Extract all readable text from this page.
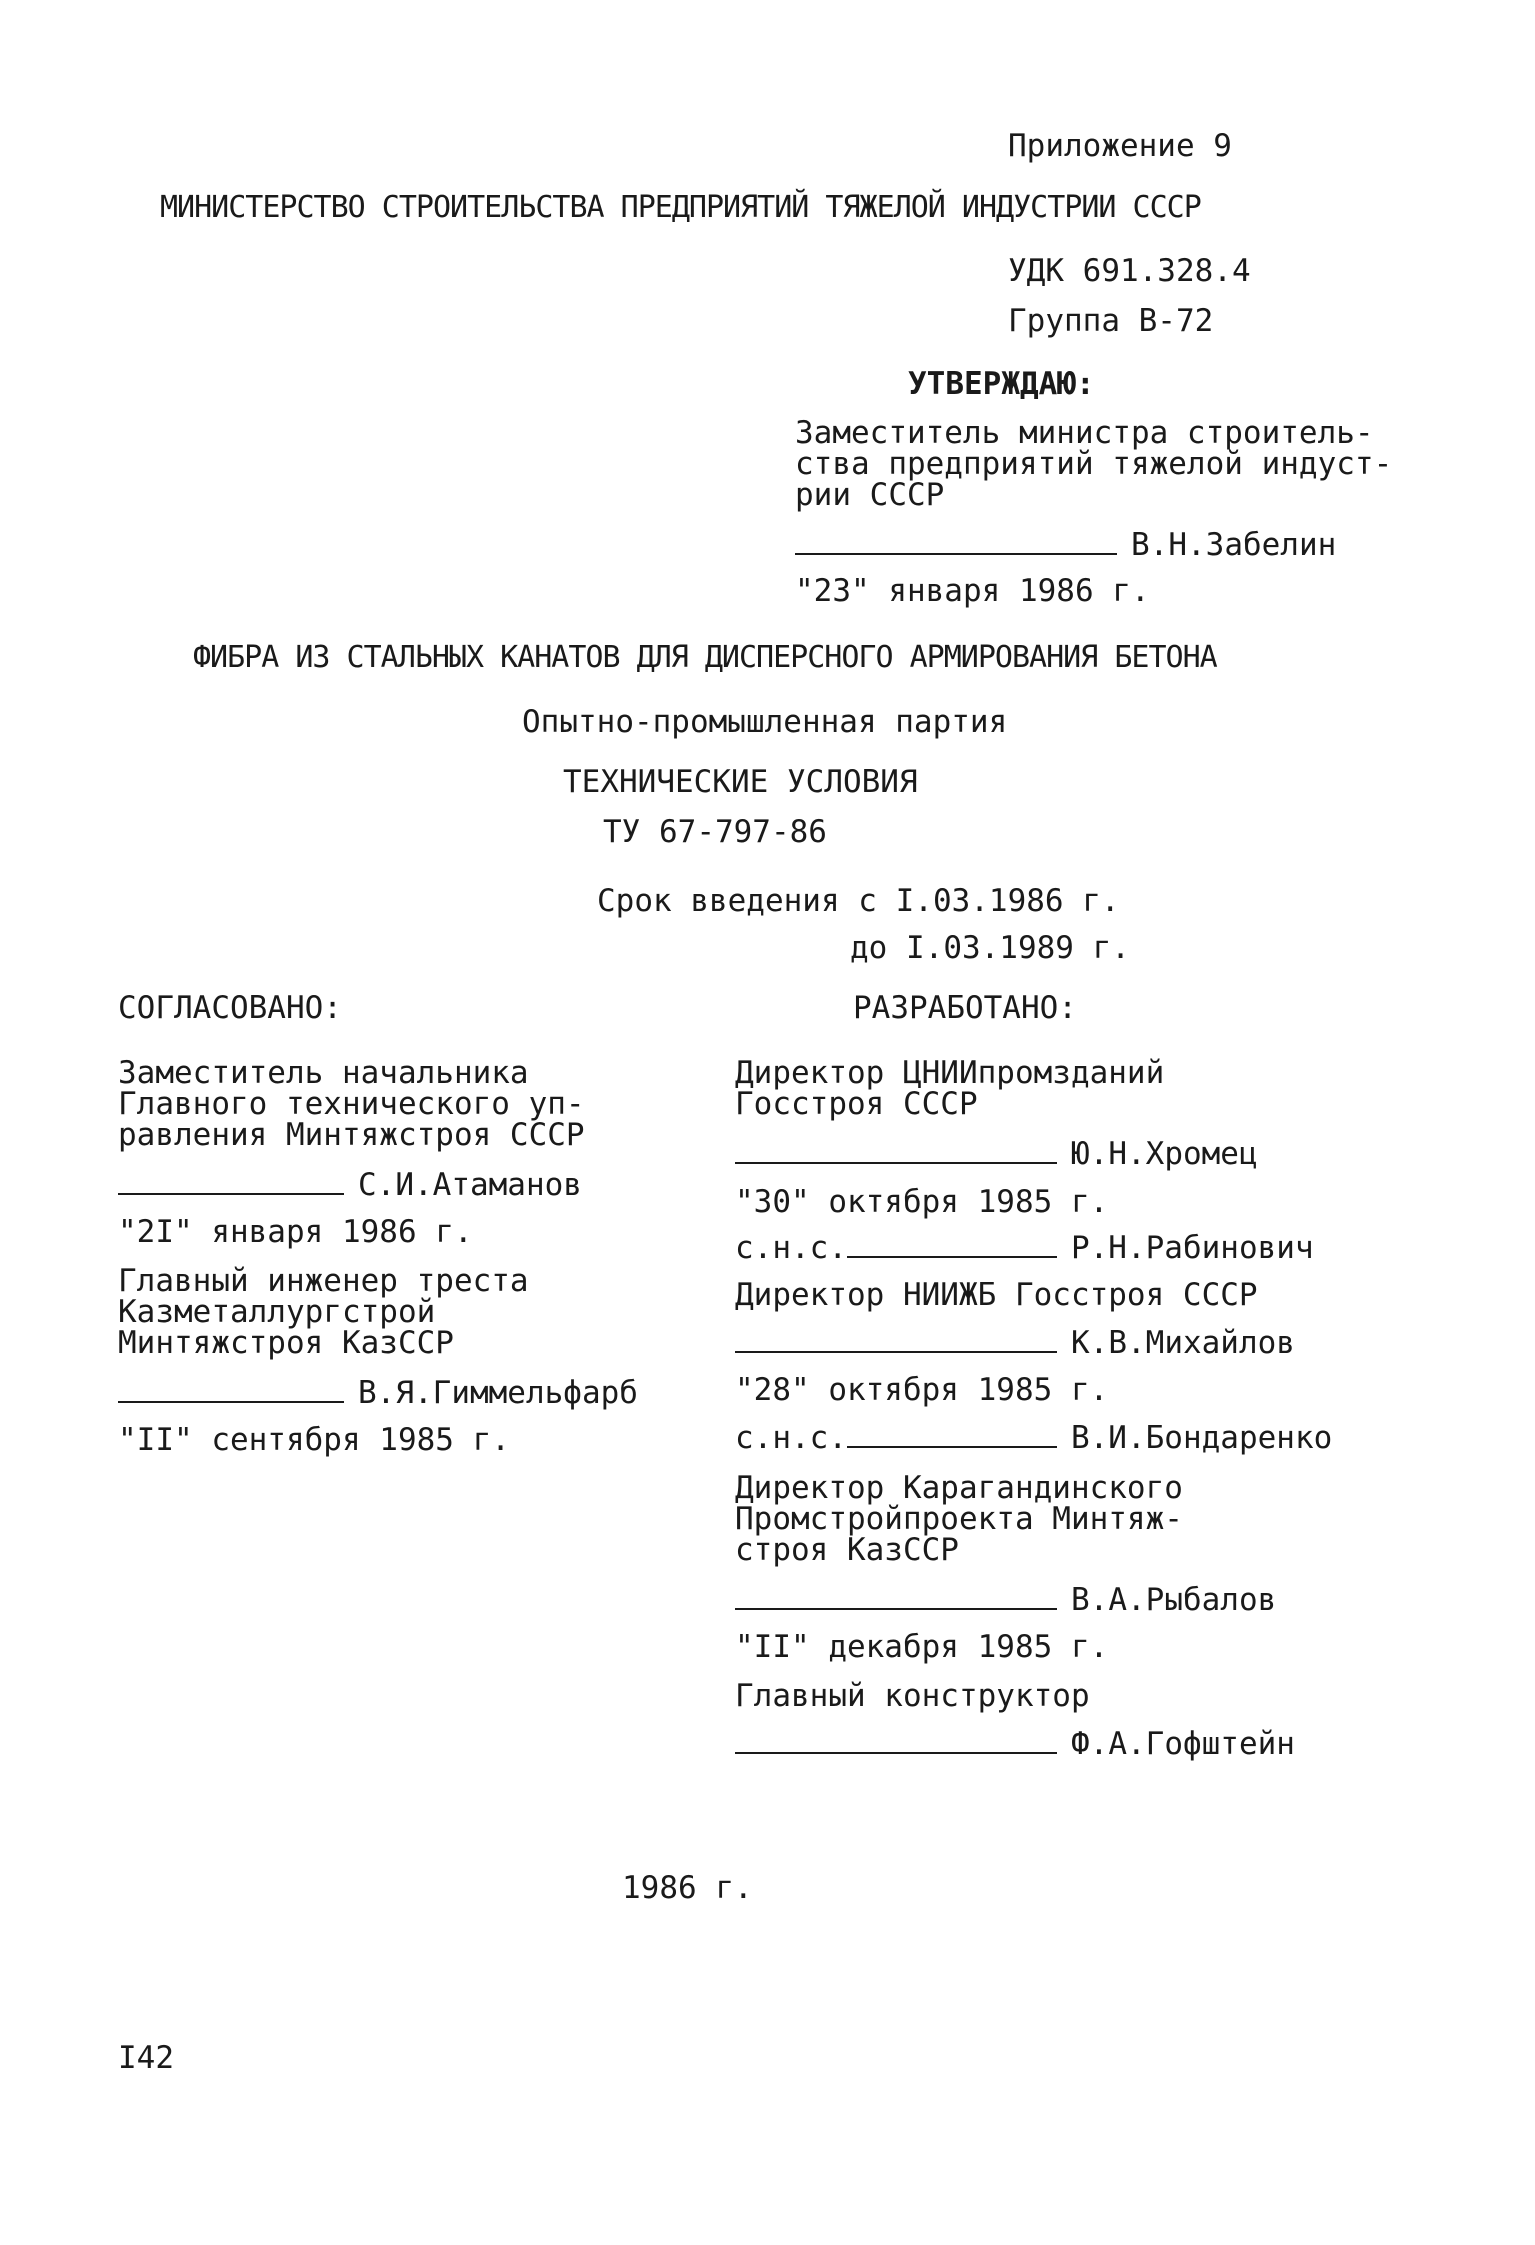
Приложение 9
МИНИСТЕРСТВО СТРОИТЕЛЬСТВА ПРЕДПРИЯТИЙ ТЯЖЕЛОЙ ИНДУСТРИИ СССР
УДК 691.328.4
Группа В-72
УТВЕРЖДАЮ:
Заместитель министра строитель-
ства предприятий тяжелой индуст-
рии СССР
В.Н.Забелин
"23" января 1986 г.
ФИБРА ИЗ СТАЛЬНЫХ КАНАТОВ ДЛЯ ДИСПЕРСНОГО АРМИРОВАНИЯ БЕТОНА
Опытно-промышленная партия
ТЕХНИЧЕСКИЕ УСЛОВИЯ
ТУ 67-797-86
Срок введения с I.03.1986 г.
до I.03.1989 г.
СОГЛАСОВАНО:
Заместитель начальника
Главного технического уп-
равления Минтяжстроя СССР
С.И.Атаманов
"2I" января 1986 г.
Главный инженер треста
Казметаллургстрой
Минтяжстроя КазССР
В.Я.Гиммельфарб
"II" сентября 1985 г.
РАЗРАБОТАНО:
Директор ЦНИИпромзданий
Госстроя СССР
Ю.Н.Хромец
"30" октября 1985 г.
с.н.с.	Р.Н.Рабинович
Директор НИИЖБ Госстроя СССР
К.В.Михайлов
"28" октября 1985 г.
с.н.с.	В.И.Бондаренко
Директор Карагандинского
Промстройпроекта Минтяж-
строя КазССР
В.А.Рыбалов
"II" декабря 1985 г.
Главный конструктор
Ф.А.Гофштейн
1986 г.
I42
